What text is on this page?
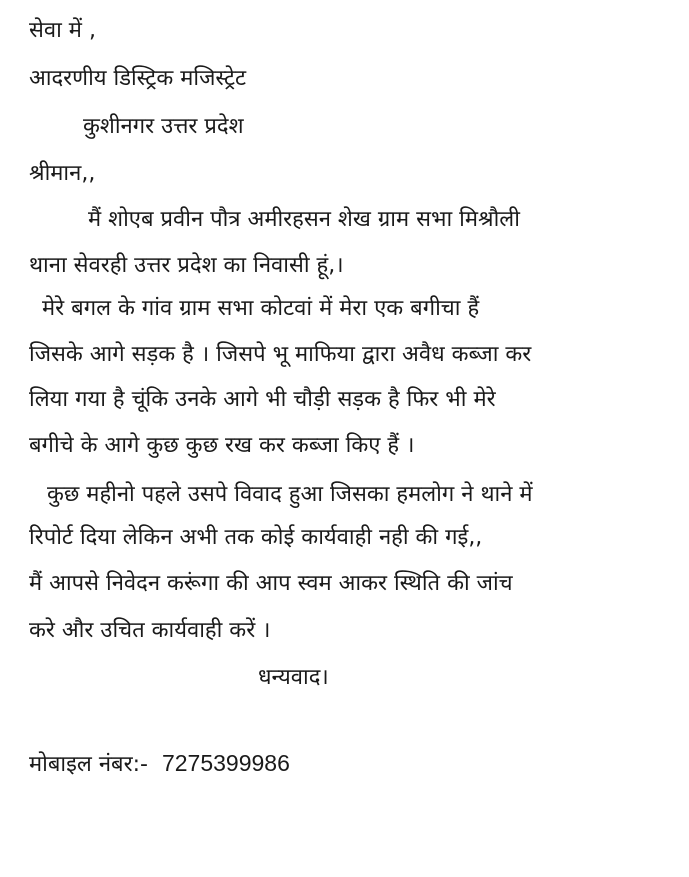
सेवा में ,

आदरणीय डिस्ट्रिक मजिस्ट्रेट

कुशीनगर उत्तर प्रदेश

श्रीमान,,

मैं शोएब प्रवीन पौत्र अमीरहसन शेख ग्राम सभा मिश्रौली

थाना सेवरही उत्तर प्रदेश का निवासी हूं,।

मेरे बगल के गांव ग्राम सभा कोटवां में मेरा एक बगीचा हैं

जिसके आगे सड़क है । जिसपे भू माफिया द्वारा अवैध कब्जा कर

लिया गया है चूंकि उनके आगे भी चौड़ी सड़क है फिर भी मेरे

बगीचे के आगे कुछ कुछ रख कर कब्जा किए हैं ।

कुछ महीनो पहले उसपे विवाद हुआ जिसका हमलोग ने थाने में

रिपोर्ट दिया लेकिन अभी तक कोई कार्यवाही नही की गई,,

मैं आपसे निवेदन करूंगा की आप स्वम आकर स्थिति की जांच

करे और उचित कार्यवाही करें ।

धन्यवाद।

मोबाइल नंबर:- 7275399986
